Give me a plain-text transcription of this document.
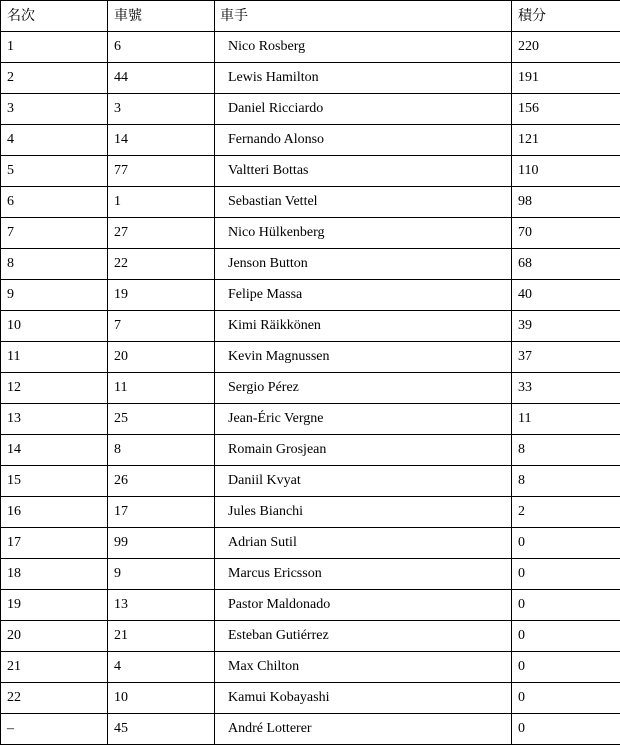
名次	車號	車手	積分
1	6	Nico Rosberg	220
2	44	Lewis Hamilton	191
3	3	Daniel Ricciardo	156
4	14	Fernando Alonso	121
5	77	Valtteri Bottas	110
6	1	Sebastian Vettel	98
7	27	Nico Hülkenberg	70
8	22	Jenson Button	68
9	19	Felipe Massa	40
10	7	Kimi Räikkönen	39
11	20	Kevin Magnussen	37
12	11	Sergio Pérez	33
13	25	Jean-Éric Vergne	11
14	8	Romain Grosjean	8
15	26	Daniil Kvyat	8
16	17	Jules Bianchi	2
17	99	Adrian Sutil	0
18	9	Marcus Ericsson	0
19	13	Pastor Maldonado	0
20	21	Esteban Gutiérrez	0
21	4	Max Chilton	0
22	10	Kamui Kobayashi	0
–	45	André Lotterer	0
